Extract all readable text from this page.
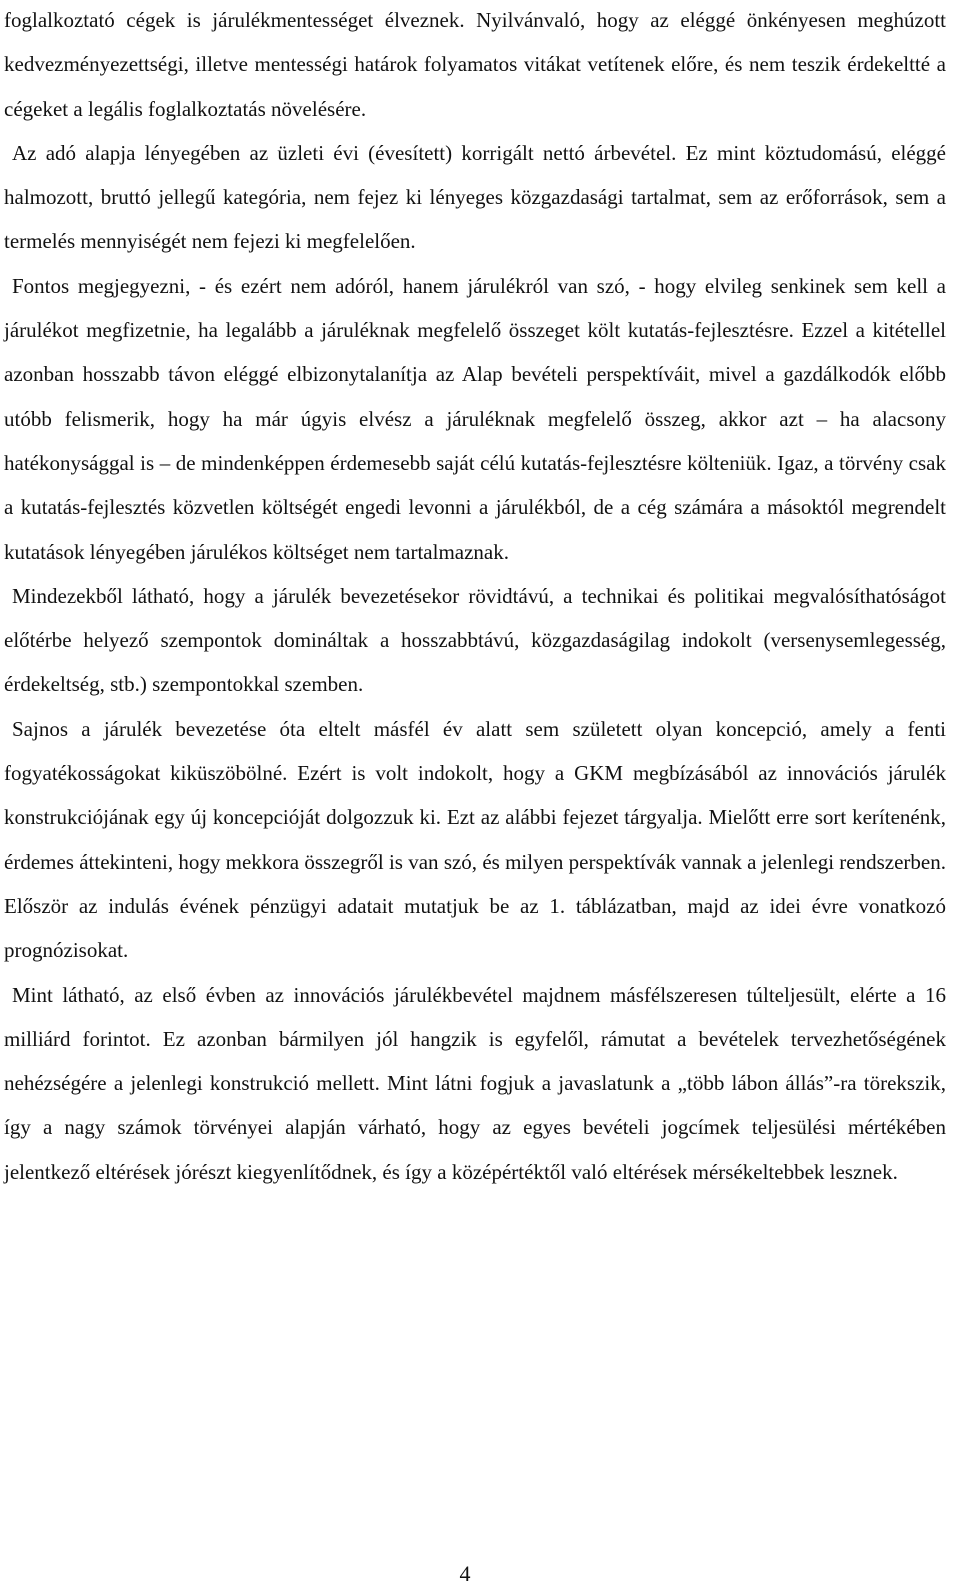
foglalkoztató cégek is járulékmentességet élveznek. Nyilvánvaló, hogy az eléggé önkényesen meghúzott kedvezményezettségi, illetve mentességi határok folyamatos vitákat vetítenek előre, és nem teszik érdekeltté a cégeket a legális foglalkoztatás növelésére.

Az adó alapja lényegében az üzleti évi (évesített) korrigált nettó árbevétel. Ez mint köztudomású, eléggé halmozott, bruttó jellegű kategória, nem fejez ki lényeges közgazdasági tartalmat, sem az erőforrások, sem a termelés mennyiségét nem fejezi ki megfelelően.

Fontos megjegyezni, - és ezért nem adóról, hanem járulékról van szó, - hogy elvileg senkinek sem kell a járulékot megfizetnie, ha legalább a járuléknak megfelelő összeget költ kutatás-fejlesztésre. Ezzel a kitétellel azonban hosszabb távon eléggé elbizonytalanítja az Alap bevételi perspektíváit, mivel a gazdálkodók előbb utóbb felismerik, hogy ha már úgyis elvész a járuléknak megfelelő összeg, akkor azt – ha alacsony hatékonysággal is – de mindenképpen érdemesebb saját célú kutatás-fejlesztésre költeniük. Igaz, a törvény csak a kutatás-fejlesztés közvetlen költségét engedi levonni a járulékból, de a cég számára a másoktól megrendelt kutatások lényegében járulékos költséget nem tartalmaznak.

Mindezekből látható, hogy a járulék bevezetésekor rövidtávú, a technikai és politikai megvalósíthatóságot előtérbe helyező szempontok domináltak a hosszabbtávú, közgazdaságilag indokolt (versenysemlegesség, érdekeltség, stb.) szempontokkal szemben.

Sajnos a járulék bevezetése óta eltelt másfél év alatt sem született olyan koncepció, amely a fenti fogyatékosságokat kiküszöbölné. Ezért is volt indokolt, hogy a GKM megbízásából az innovációs járulék konstrukciójának egy új koncepcióját dolgozzuk ki. Ezt az alábbi fejezet tárgyalja. Mielőtt erre sort kerítenénk, érdemes áttekinteni, hogy mekkora összegről is van szó, és milyen perspektívák vannak a jelenlegi rendszerben. Először az indulás évének pénzügyi adatait mutatjuk be az 1. táblázatban, majd az idei évre vonatkozó prognózisokat.

Mint látható, az első évben az innovációs járulékbevétel majdnem másfélszeresen túlteljesült, elérte a 16 milliárd forintot. Ez azonban bármilyen jól hangzik is egyfelől, rámutat a bevételek tervezhetőségének nehézségére a jelenlegi konstrukció mellett. Mint látni fogjuk a javaslatunk a „több lábon állás”-ra törekszik, így a nagy számok törvényei alapján várható, hogy az egyes bevételi jogcímek teljesülési mértékében jelentkező eltérések jórészt kiegyenlítődnek, és így a középértéktől való eltérések mérsékeltebbek lesznek.

4
